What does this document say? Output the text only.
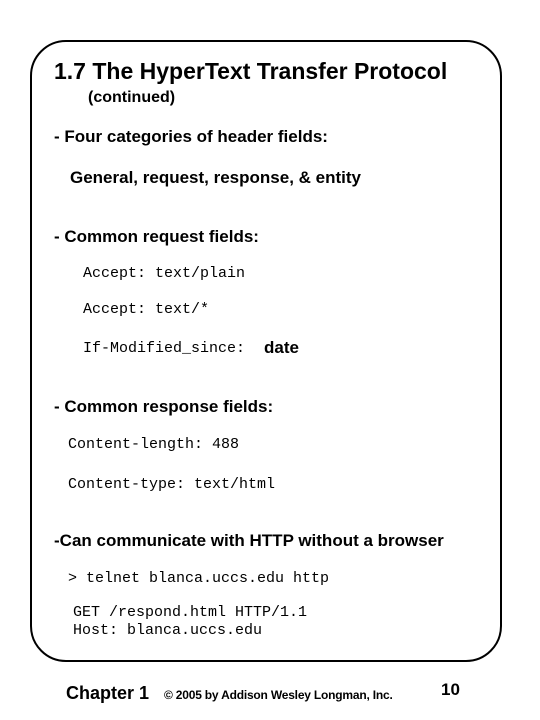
1.7 The HyperText Transfer Protocol
(continued)
- Four categories of header fields:
General, request, response, & entity
- Common request fields:
Accept: text/plain
Accept: text/*
If-Modified_since: date
- Common response fields:
Content-length: 488
Content-type: text/html
-Can communicate with HTTP without a browser
> telnet blanca.uccs.edu http
GET /respond.html HTTP/1.1
Host: blanca.uccs.edu
Chapter 1 © 2005 by Addison Wesley Longman, Inc.	10
